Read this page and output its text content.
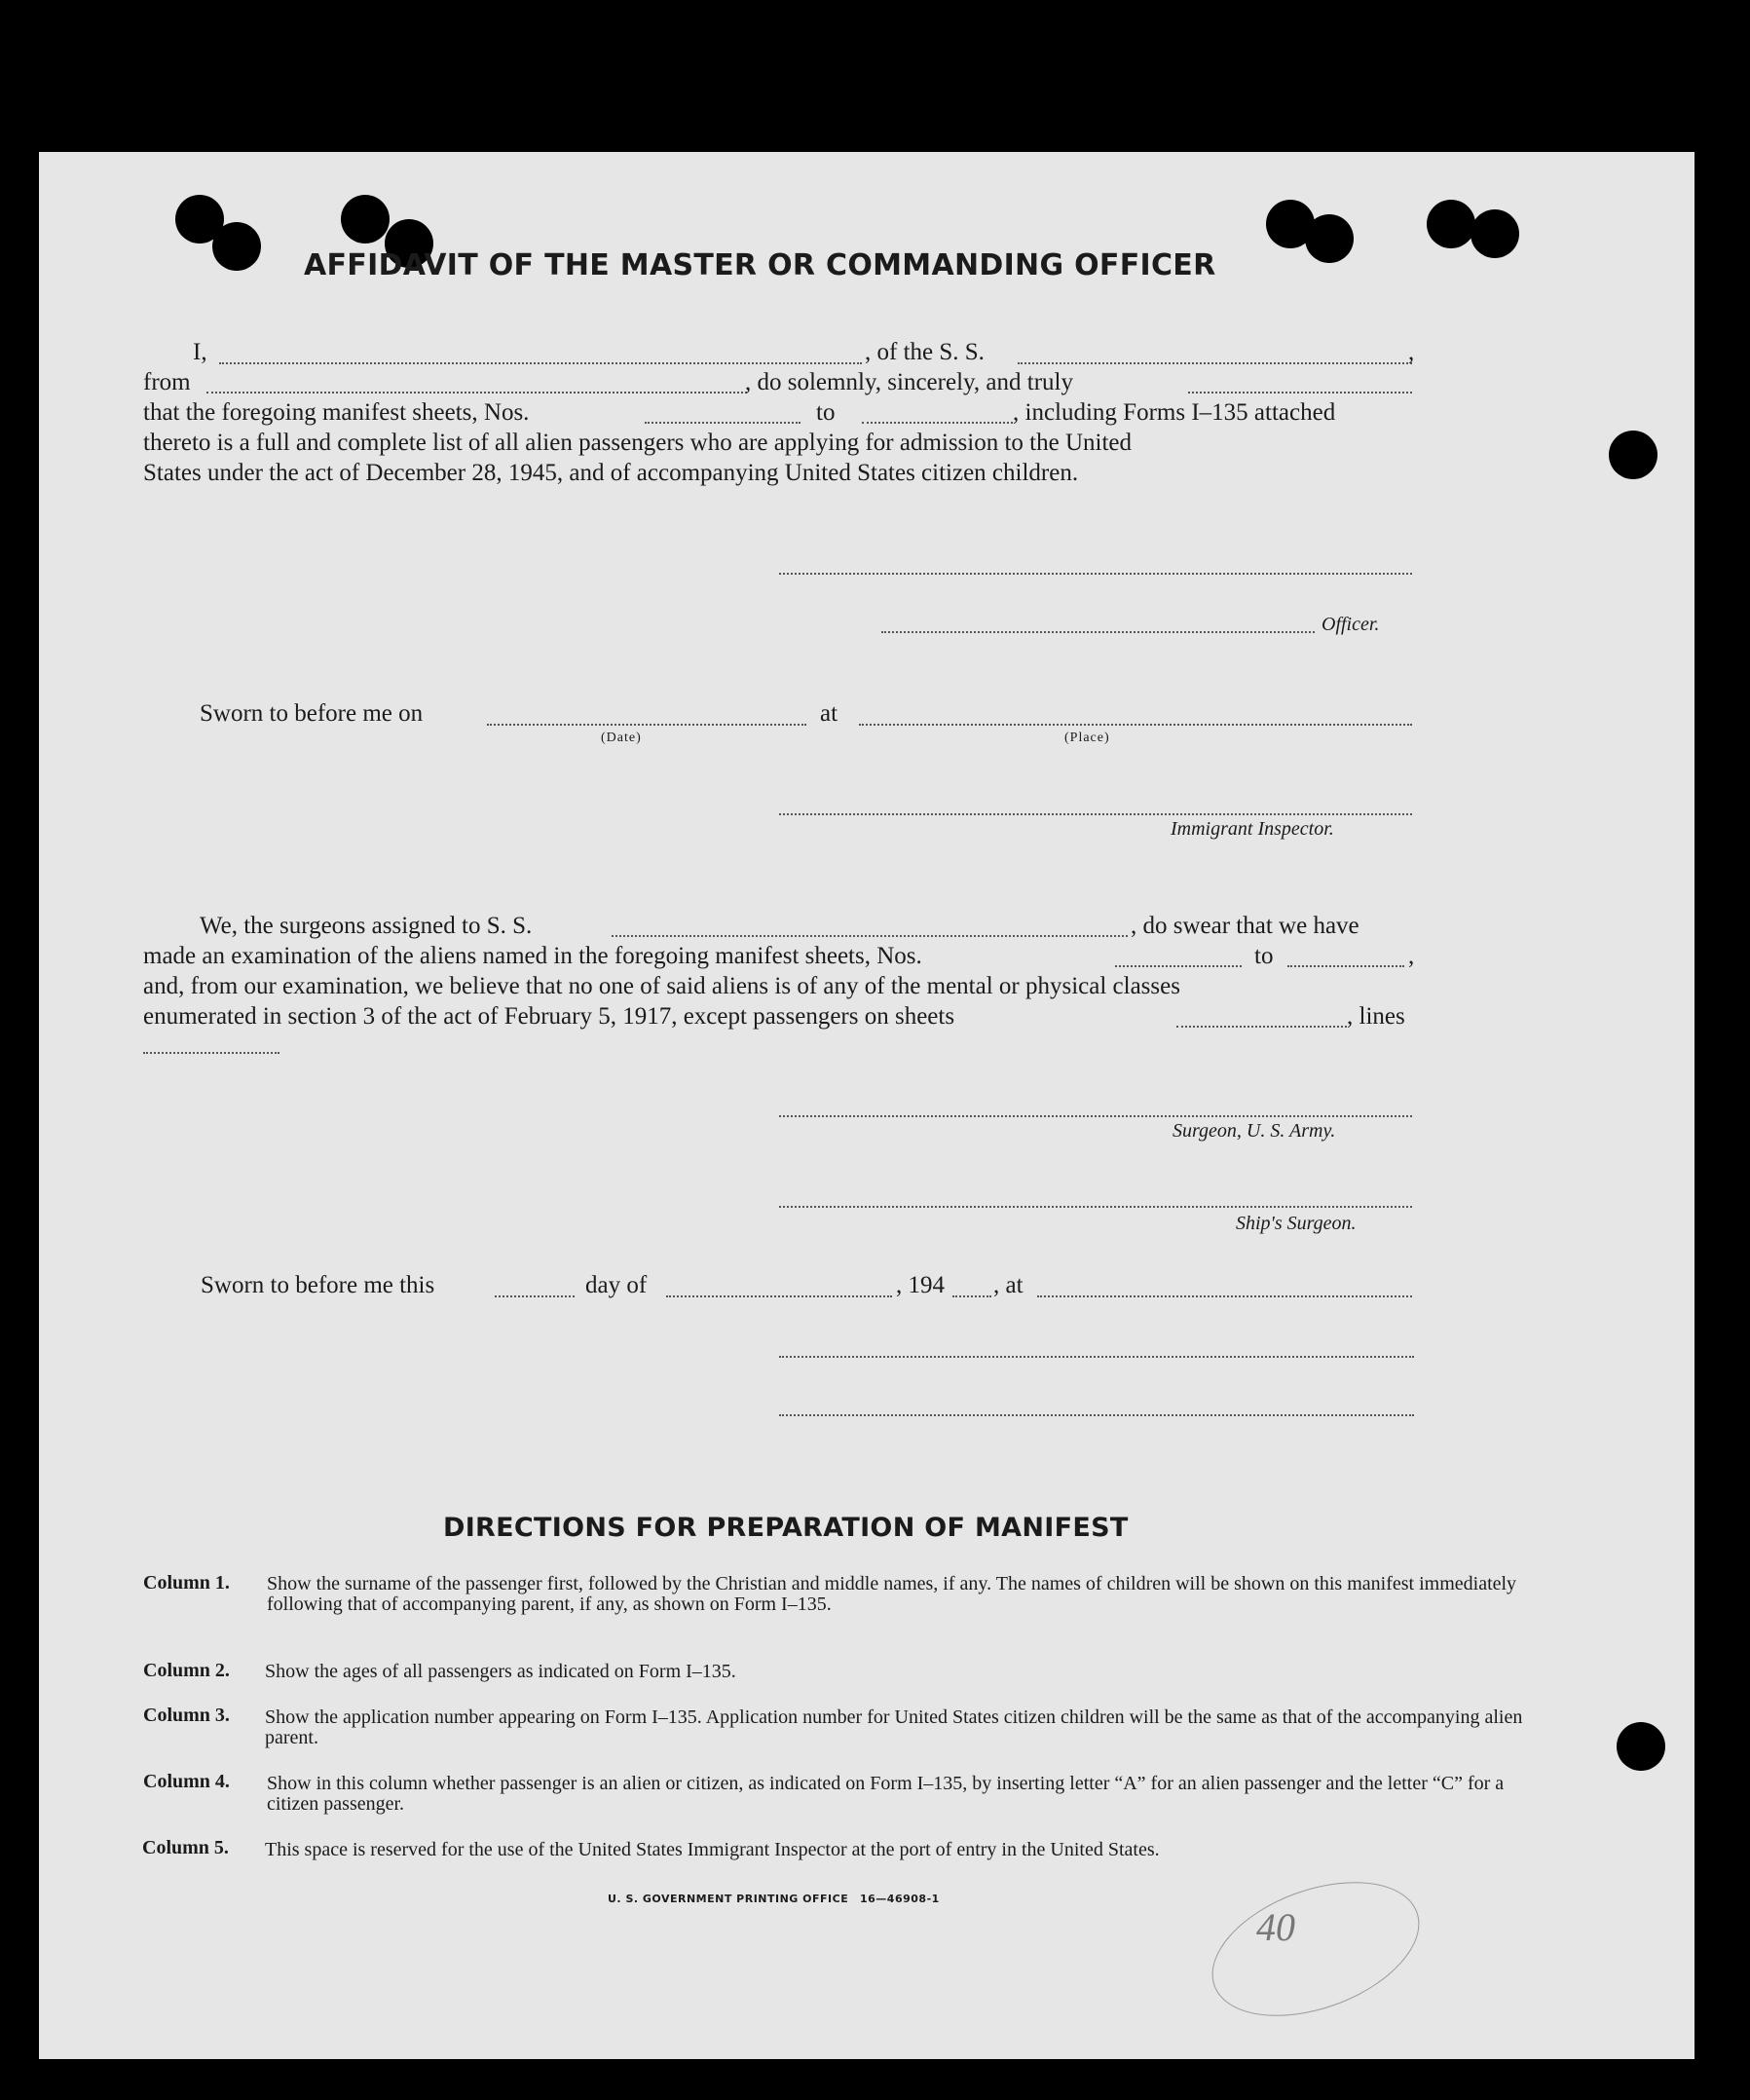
AFFIDAVIT OF THE MASTER OR COMMANDING OFFICER
I,	, of the S. S.	,
from	, do solemnly, sincerely, and truly
that the foregoing manifest sheets, Nos.	to	, including Forms I–135 attached
thereto is a full and complete list of all alien passengers who are applying for admission to the United
States under the act of December 28, 1945, and of accompanying United States citizen children.
Officer.
Sworn to before me on
(Date)
at
(Place)
Immigrant Inspector.
We, the surgeons assigned to S. S.	, do swear that we have
made an examination of the aliens named in the foregoing manifest sheets, Nos.	to	,
and, from our examination, we believe that no one of said aliens is of any of the mental or physical classes
enumerated in section 3 of the act of February 5, 1917, except passengers on sheets	, lines
Surgeon, U. S. Army.
Ship's Surgeon.
Sworn to before me this	day of	, 194 , at
DIRECTIONS FOR PREPARATION OF MANIFEST
Column 1. Show the surname of the passenger first, followed by the Christian and middle names, if any. The names of children will be shown on this manifest immediately following that of accompanying parent, if any, as shown on Form I–135.
Column 2. Show the ages of all passengers as indicated on Form I–135.
Column 3. Show the application number appearing on Form I–135. Application number for United States citizen children will be the same as that of the accompanying alien parent.
Column 4. Show in this column whether passenger is an alien or citizen, as indicated on Form I–135, by inserting letter “A” for an alien passenger and the letter “C” for a citizen passenger.
Column 5. This space is reserved for the use of the United States Immigrant Inspector at the port of entry in the United States.
U. S. GOVERNMENT PRINTING OFFICE 16—46908-1
40
